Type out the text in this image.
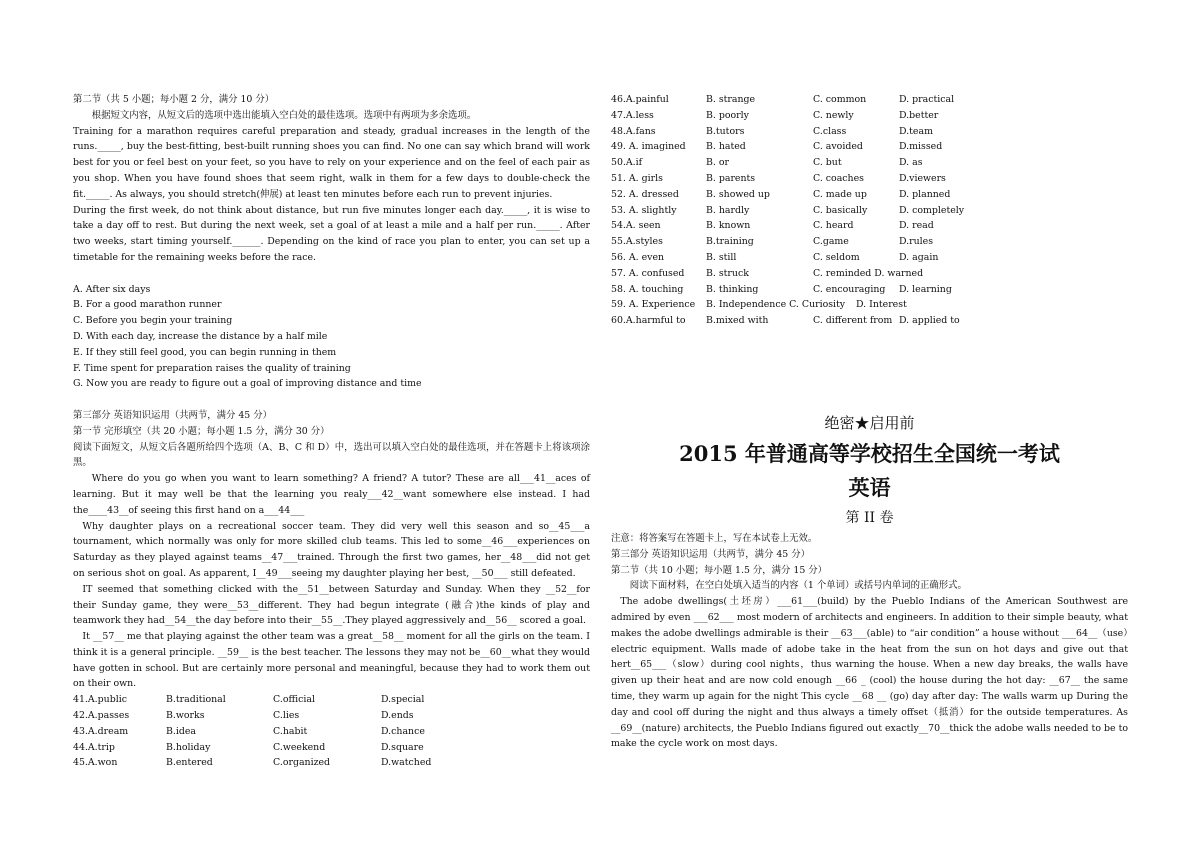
第二节（共 5 小题；每小题 2 分，满分 10 分）

根据短文内容，从短文后的选项中选出能填入空白处的最佳选项。选项中有两项为多余选项。

Training for a marathon requires careful preparation and steady, gradual increases in the length of the runs._____, buy the best-fitting, best-built running shoes you can find. No one can say which brand will work best for you or feel best on your feet, so you have to rely on your experience and on the feel of each pair as you shop. When you have found shoes that seem right, walk in them for a few days to double-check the fit._____. As always, you should stretch(伸展) at least ten minutes before each run to prevent injuries.

During the first week, do not think about distance, but run five minutes longer each day._____, it is wise to take a day off to rest. But during the next week, set a goal of at least a mile and a half per run._____. After two weeks, start timing yourself.______. Depending on the kind of race you plan to enter, you can set up a timetable for the remaining weeks before the race.

A. After six days

B. For a good marathon runner

C. Before you begin your training

D. With each day, increase the distance by a half mile

E. If they still feel good, you can begin running in them

F. Time spent for preparation raises the quality of training

G. Now you are ready to figure out a goal of improving distance and time

第三部分 英语知识运用（共两节，满分 45 分）

第一节 完形填空（共 20 小题；每小题 1.5 分，满分 30 分）

阅读下面短文，从短文后各题所给四个选项（A、B、C 和 D）中，选出可以填入空白处的最佳选项，并在答题卡上将该项涂黑。

Where do you go when you want to learn something? A friend? A tutor? These are all___41__aces of learning. But it may well be that the learning you realy___42__want somewhere else instead. I had the____43__of seeing this first hand on a___44___

Why daughter plays on a recreational soccer team. They did very well this season and so__45___a tournament, which normally was only for more skilled club teams. This led to some__46___experiences on Saturday as they played against teams__47___trained. Through the first two games, her__48___did not get on serious shot on goal. As apparent, I__49___seeing my daughter playing her best, __50___ still defeated.

IT seemed that something clicked with the__51__between Saturday and Sunday. When they __52__for their Sunday game, they were__53__different. They had begun integrate (融合)the kinds of play and teamwork they had__54__the day before into their__55__.They played aggressively and__56__ scored a goal.

It __57__ me that playing against the other team was a great__58__ moment for all the girls on the team. I think it is a general principle. __59__ is the best teacher. The lessons they may not be__60__what they would have gotten in school. But are certainly more personal and meaningful, because they had to work them out on their own.

41.A.public	B.traditional	C.official	D.special
42.A.passes	B.works	C.lies	D.ends
43.A.dream	B.idea	C.habit	D.chance
44.A.trip	B.holiday	C.weekend	D.square
45.A.won	B.entered	C.organized	D.watched
46.A.painful	B. strange	C. common	D. practical
47.A.less	B. poorly	C. newly	D.better
48.A.fans	B.tutors	C.class	D.team
49. A. imagined	B. hated	C. avoided	D.missed
50.A.if	B. or	C. but	D. as
51. A. girls	B. parents	C. coaches	D.viewers
52. A. dressed	B. showed up	C. made up	D. planned
53. A. slightly	B. hardly	C. basically	D. completely
54.A. seen	B. known	C. heard	D. read
55.A.styles	B.training	C.game	D.rules
56. A. even	B. still	C. seldom	D. again
57. A. confused	B. struck	C. reminded D. warned
58. A. touching	B. thinking	C. encouraging	D. learning
59. A. Experience	B. Independence C. Curiosity	D. Interest
60.A.harmful to	B.mixed with	C. different from D. applied to
绝密★启用前
2015 年普通高等学校招生全国统一考试
英语
第 II 卷

注意：将答案写在答题卡上，写在本试卷上无效。

第三部分 英语知识运用（共两节，满分 45 分）

第二节（共 10 小题；每小题 1.5 分，满分 15 分）

阅读下面材料，在空白处填入适当的内容（1 个单词）或括号内单词的正确形式。

The adobe dwellings(土坯房）___61___(build) by the Pueblo Indians of the American Southwest are admired by even ___62___ most modern of architects and engineers. In addition to their simple beauty, what makes the adobe dwellings admirable is their __63___(able) to “air condition” a house without ___64__（use）electric equipment. Walls made of adobe take in the heat from the sun on hot days and give out that hert__65___（slow）during cool nights，thus warning the house. When a new day breaks, the walls have given up their heat and are now cold enough __66 _ (cool) the house during the hot day: __67__ the same time, they warm up again for the night This cycle __68 __ (go) day after day: The walls warm up During the day and cool off during the night and thus always a timely offset（抵消）for the outside temperatures. As __69__(nature) architects, the Pueblo Indians figured out exactly__70__thick the adobe walls needed to be to make the cycle work on most days.
